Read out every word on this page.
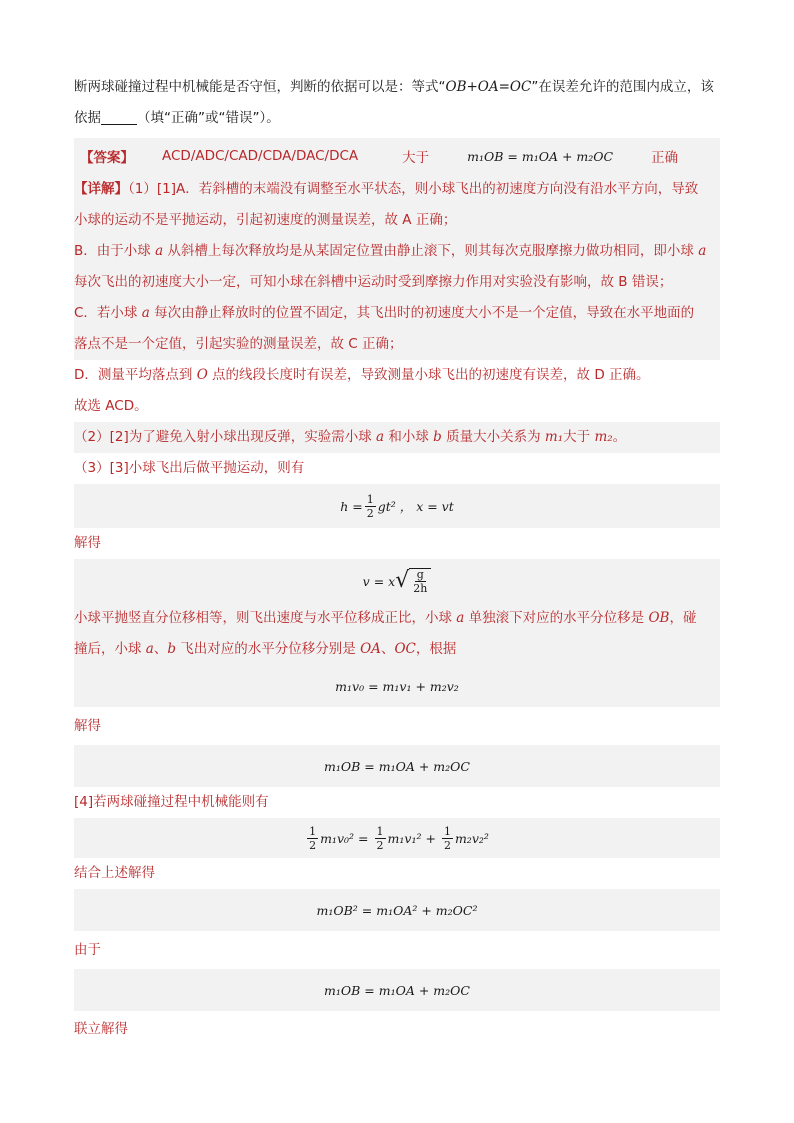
断两球碰撞过程中机械能是否守恒，判断的依据可以是：等式“OB+OA=OC”在误差允许的范围内成立，该
依据	（填“正确”或“错误”）。
【答案】 ACD/ADC/CAD/CDA/DAC/DCA	大于	m₁OB = m₁OA + m₂OC	正确
【详解】（1）[1]A．若斜槽的末端没有调整至水平状态，则小球飞出的初速度方向没有沿水平方向，导致
小球的运动不是平抛运动，引起初速度的测量误差，故 A 正确；
B．由于小球 a 从斜槽上每次释放均是从某固定位置由静止滚下，则其每次克服摩擦力做功相同，即小球 a
每次飞出的初速度大小一定，可知小球在斜槽中运动时受到摩擦力作用对实验没有影响，故 B 错误；
C．若小球 a 每次由静止释放时的位置不固定，其飞出时的初速度大小不是一个定值，导致在水平地面的
落点不是一个定值，引起实验的测量误差，故 C 正确；
D．测量平均落点到 O 点的线段长度时有误差，导致测量小球飞出的初速度有误差，故 D 正确。
故选 ACD。
（2）[2]为了避免入射小球出现反弹，实验需小球 a 和小球 b 质量大小关系为 m₁大于 m₂。
（3）[3]小球飞出后做平抛运动，则有
$h = \frac{1}{2} gt^2$ ， x = vt
解得
v = x √ $\frac{g}{2h}$
小球平抛竖直分位移相等，则飞出速度与水平位移成正比，小球 a 单独滚下对应的水平分位移是 OB，碰
撞后，小球 a、b 飞出对应的水平分位移分别是 OA、OC，根据
m₁v₀ = m₁v₁ + m₂v₂
解得
m₁OB = m₁OA + m₂OC
[4]若两球碰撞过程中机械能则有
$\frac{1}{2} m_1v_0^2 = \frac{1}{2} m_1v_1^2 + \frac{1}{2} m_2v_2^2$
结合上述解得
m₁OB² = m₁OA² + m₂OC²
由于
m₁OB = m₁OA + m₂OC
联立解得
